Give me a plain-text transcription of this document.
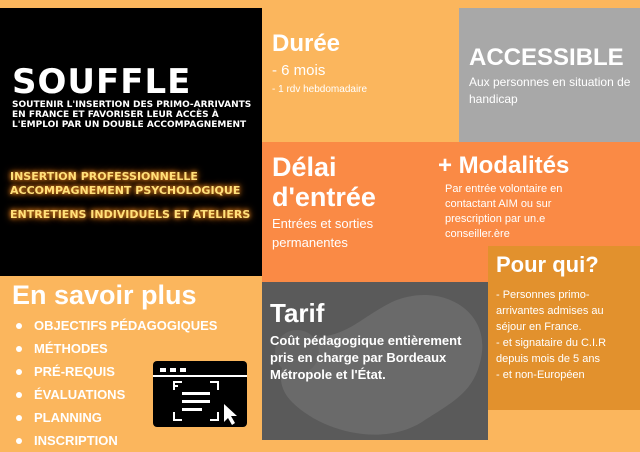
SOUFFLE
SOUTENIR L'INSERTION DES PRIMO-ARRIVANTS EN FRANCE ET FAVORISER LEUR ACCÈS À L'EMPLOI PAR UN DOUBLE ACCOMPAGNEMENT
INSERTION PROFESSIONNELLE
ACCOMPAGNEMENT PSYCHOLOGIQUE
ENTRETIENS INDIVIDUELS ET ATELIERS
Durée
- 6 mois
- 1 rdv hebdomadaire
ACCESSIBLE
Aux personnes en situation de handicap
Délai d'entrée
Entrées et sorties permanentes
+ Modalités
Par entrée volontaire en contactant AIM ou sur prescription par un.e conseiller.ère
Pour qui?
- Personnes primo-arrivantes admises au séjour en France.
- et signataire du C.I.R depuis mois de 5 ans
- et non-Européen
Tarif
Coût pédagogique entièrement pris en charge par Bordeaux Métropole et l'État.
En savoir plus
OBJECTIFS PÉDAGOGIQUES
MÉTHODES
PRÉ-REQUIS
ÉVALUATIONS
PLANNING
INSCRIPTION
